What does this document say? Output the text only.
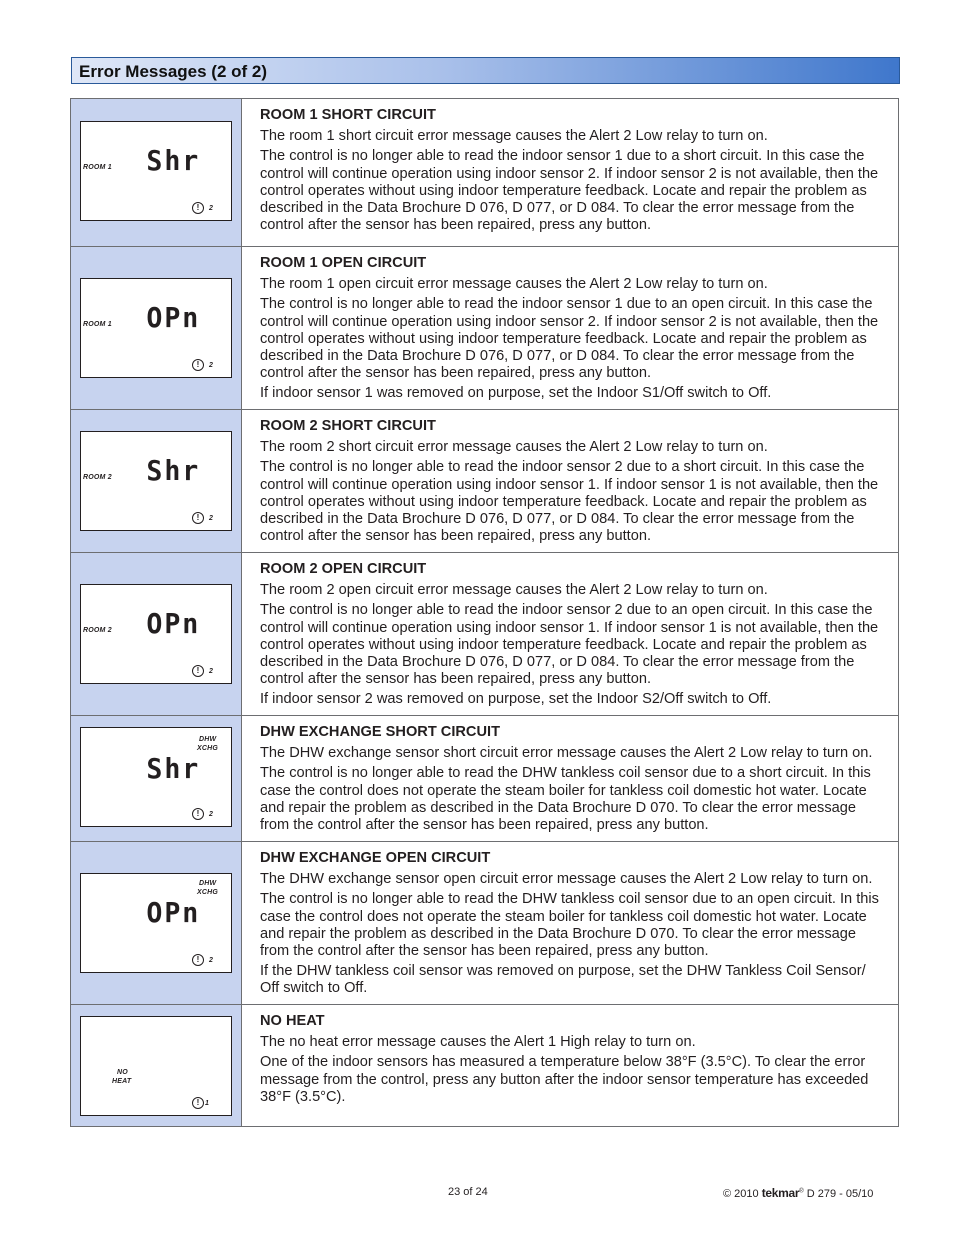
Error Messages (2 of 2)
ROOM 1 Shr
!	2
ROOM 1 SHORT CIRCUIT

The room 1 short circuit error message causes the Alert 2 Low relay to turn on.

The control is no longer able to read the indoor sensor 1 due to a short circuit. In this case the control will continue operation using indoor sensor 2. If indoor sensor 2 is not available, then the control operates without using indoor temperature feedback. Locate and repair the problem as described in the Data Brochure D 076, D 077, or D 084. To clear the error message from the control after the sensor has been repaired, press any button.

ROOM 1 OPn
!	2
ROOM 1 OPEN CIRCUIT

The room 1 open circuit error message causes the Alert 2 Low relay to turn on.

The control is no longer able to read the indoor sensor 1 due to an open circuit. In this case the control will continue operation using indoor sensor 2. If indoor sensor 2 is not available, then the control operates without using indoor temperature feedback. Locate and repair the problem as described in the Data Brochure D 076, D 077, or D 084. To clear the error message from the control after the sensor has been repaired, press any button.

If indoor sensor 1 was removed on purpose, set the Indoor S1/Off switch to Off.

ROOM 2 Shr
!	2
ROOM 2 SHORT CIRCUIT

The room 2 short circuit error message causes the Alert 2 Low relay to turn on.

The control is no longer able to read the indoor sensor 2 due to a short circuit. In this case the control will continue operation using indoor sensor 1. If indoor sensor 1 is not available, then the control operates without using indoor temperature feedback. Locate and repair the problem as described in the Data Brochure D 076, D 077, or D 084. To clear the error message from the control after the sensor has been repaired, press any button.

ROOM 2 OPn
!	2
ROOM 2 OPEN CIRCUIT

The room 2 open circuit error message causes the Alert 2 Low relay to turn on.

The control is no longer able to read the indoor sensor 2 due to an open circuit. In this case the control will continue operation using indoor sensor 1. If indoor sensor 1 is not available, then the control operates without using indoor temperature feedback. Locate and repair the problem as described in the Data Brochure D 076, D 077, or D 084. To clear the error message from the control after the sensor has been repaired, press any button.

If indoor sensor 2 was removed on purpose, set the Indoor S2/Off switch to Off.

DHW
XCHG
Shr
!	2
DHW EXCHANGE SHORT CIRCUIT

The DHW exchange sensor short circuit error message causes the Alert 2 Low relay to turn on.

The control is no longer able to read the DHW tankless coil sensor due to a short circuit. In this case the control does not operate the steam boiler for tankless coil domestic hot water. Locate and repair the problem as described in the Data Brochure D 070. To clear the error message from the control after the sensor has been repaired, press any button.

DHW
XCHG
OPn
!	2
DHW EXCHANGE OPEN CIRCUIT

The DHW exchange sensor open circuit error message causes the Alert 2 Low relay to turn on.

The control is no longer able to read the DHW tankless coil sensor due to an open circuit. In this case the control does not operate the steam boiler for tankless coil domestic hot water. Locate and repair the problem as described in the Data Brochure D 070. To clear the error message from the control after the sensor has been repaired, press any button.

If the DHW tankless coil sensor was removed on purpose, set the DHW Tankless Coil Sensor/ Off switch to Off.

NO
HEAT
! 1
NO HEAT

The no heat error message causes the Alert 1 High relay to turn on.

One of the indoor sensors has measured a temperature below 38°F (3.5°C). To clear the error message from the control, press any button after the indoor sensor temperature has exceeded 38°F (3.5°C).

23 of 24	© 2010 tekmar® D 279 - 05/10
